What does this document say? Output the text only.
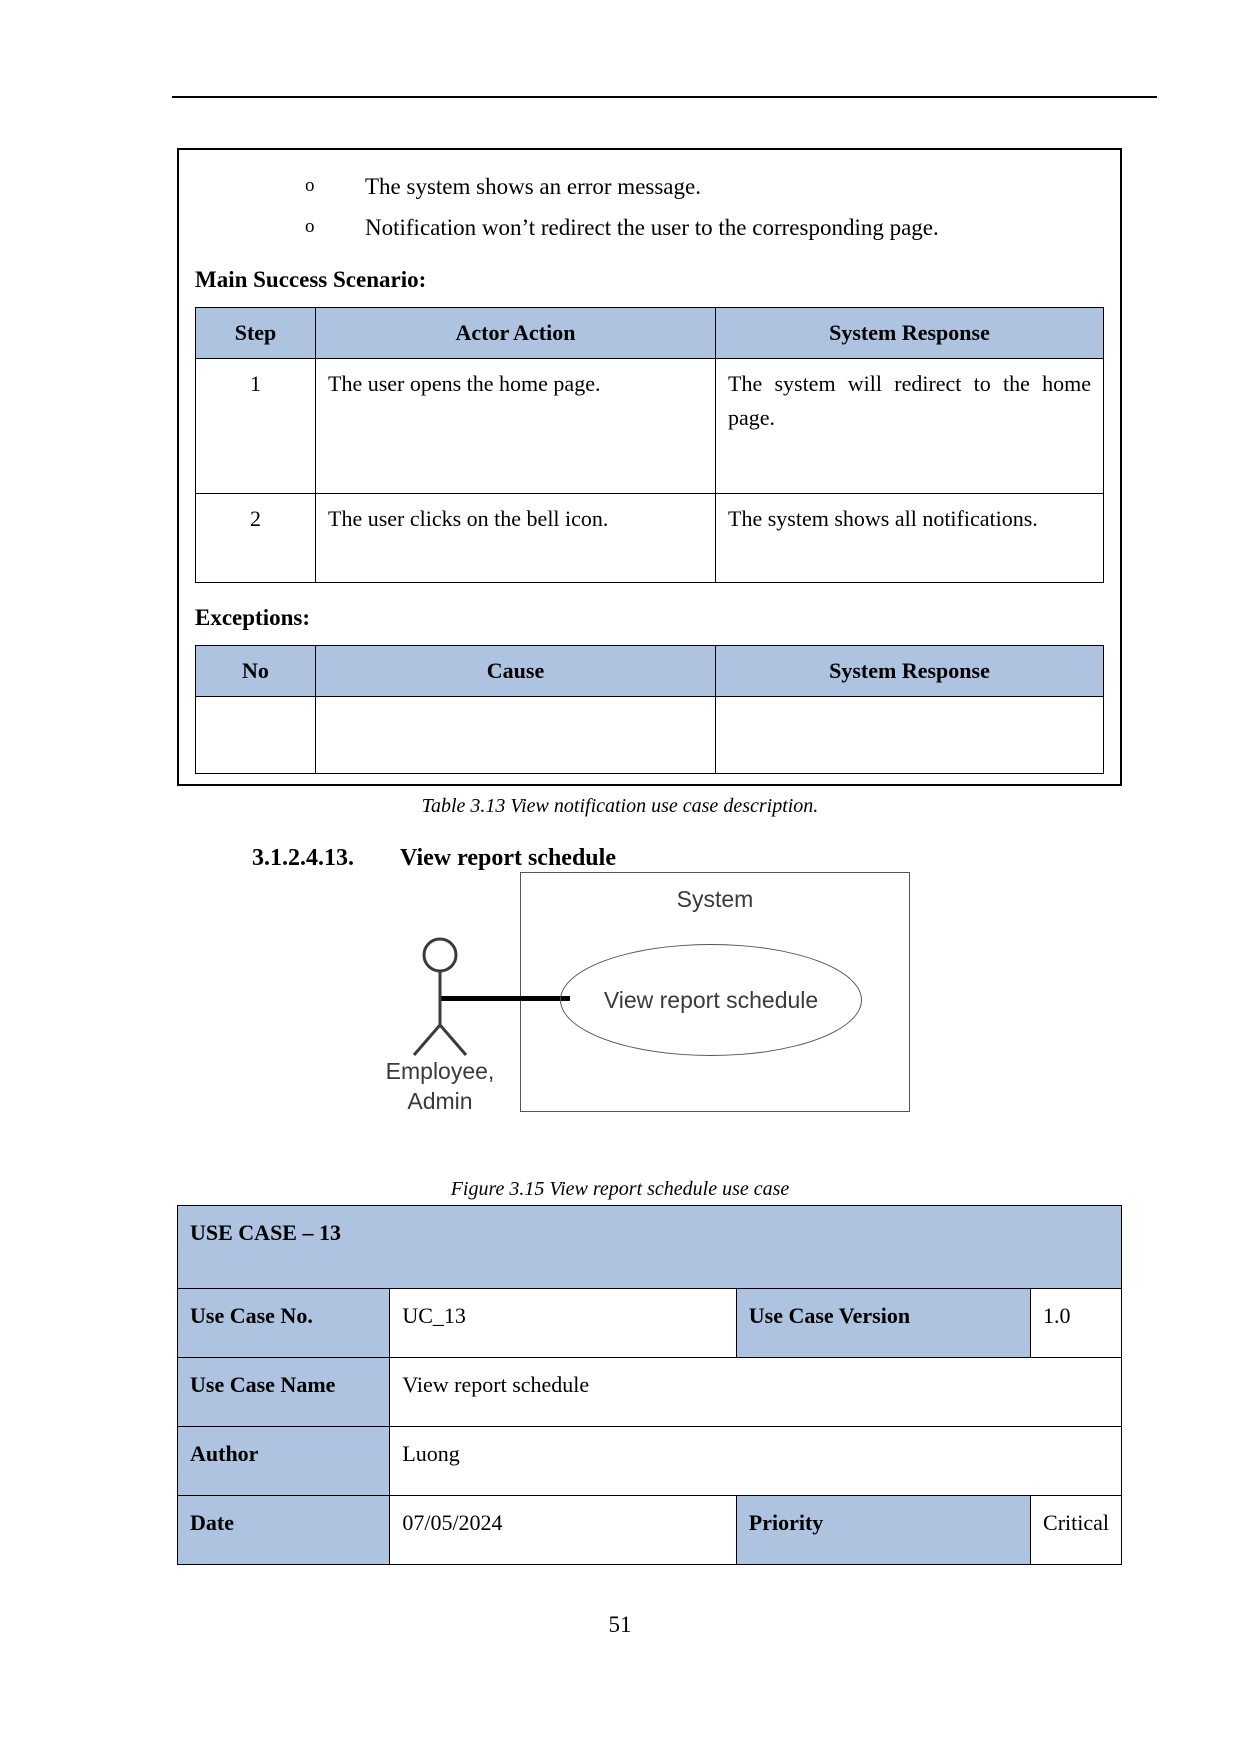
o	The system shows an error message.
o	Notification won’t redirect the user to the corresponding page.
Main Success Scenario:
Step	Actor Action	System Response
1	The user opens the home page.	The system will redirect to the home page.
2	The user clicks on the bell icon.	The system shows all notifications.
Exceptions:
No	Cause	System Response

Table 3.13 View notification use case description.
3.1.2.4.13. View report schedule
System
View report schedule
Employee,
Admin
Figure 3.15 View report schedule use case
USE CASE – 13			
Use Case No.	UC_13	Use Case Version	1.0
Use Case Name	View report schedule		
Author	Luong		
Date	07/05/2024	Priority	Critical
51
